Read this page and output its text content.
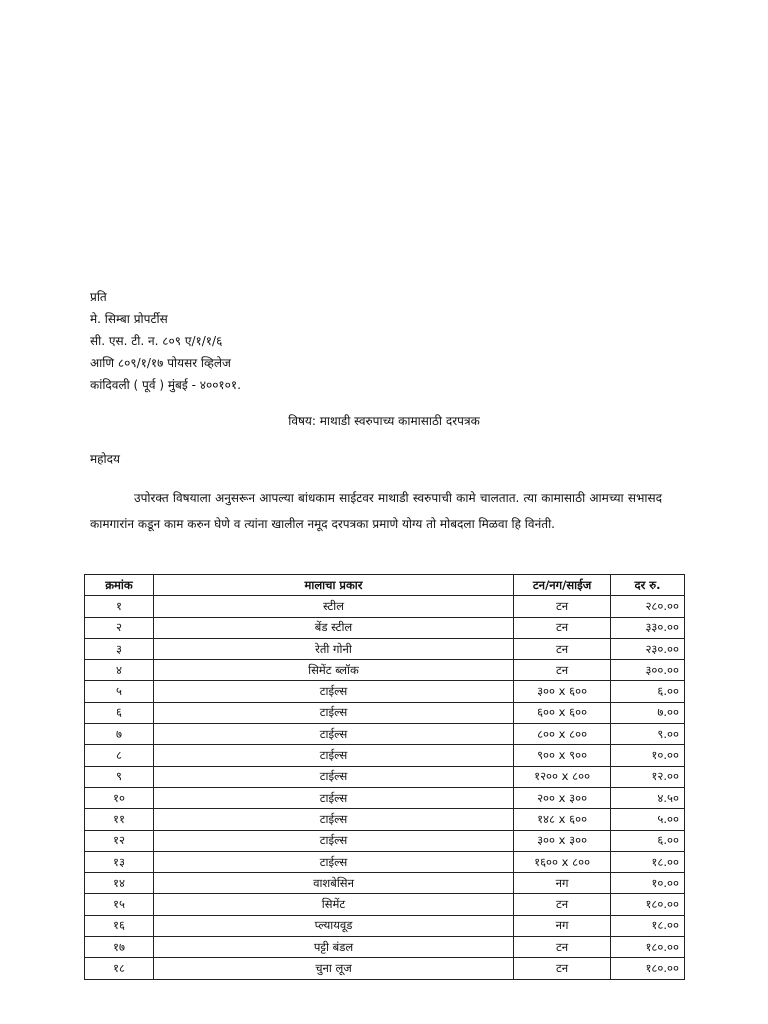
प्रति
मे. सिम्बा प्रोपर्टीस
सी. एस. टी. न. ८०९ ए/१/१/६
आणि ८०९/१/१७ पोयसर व्हिलेज
कांदिवली ( पूर्व ) मुंबई - ४००१०१.
विषय: माथाडी स्वरुपाच्य कामासाठी दरपत्रक
महोदय
उपोरक्त विषयाला अनुसरून आपल्या बांधकाम साईटवर माथाडी स्वरुपाची कामे चालतात. त्या कामासाठी आमच्या सभासद कामगारांन कडून काम करुन घेणे व त्यांना खालील नमूद दरपत्रका प्रमाणे योग्य तो मोबदला मिळवा हि विनंती.
क्रमांक	मालाचा प्रकार	टन/नग/साईज	दर रु.
१	स्टील	टन	२८०.००
२	बेंड स्टील	टन	३३०.००
३	रेती गोनी	टन	२३०.००
४	सिमेंट ब्लॉक	टन	३००.००
५	टाईल्स	३०० x ६००	६.००
६	टाईल्स	६०० x ६००	७.००
७	टाईल्स	८०० x ८००	९.००
८	टाईल्स	९०० x ९००	१०.००
९	टाईल्स	१२०० x ८००	१२.००
१०	टाईल्स	२०० x ३००	४.५०
११	टाईल्स	१४८ x ६००	५.००
१२	टाईल्स	३०० x ३००	६.००
१३	टाईल्स	१६०० x ८००	१८.००
१४	वाशबेसिन	नग	१०.००
१५	सिमेंट	टन	१८०.००
१६	प्ल्यायवूड	नग	१८.००
१७	पट्टी बंडल	टन	१८०.००
१८	चुना लूज	टन	१८०.००
